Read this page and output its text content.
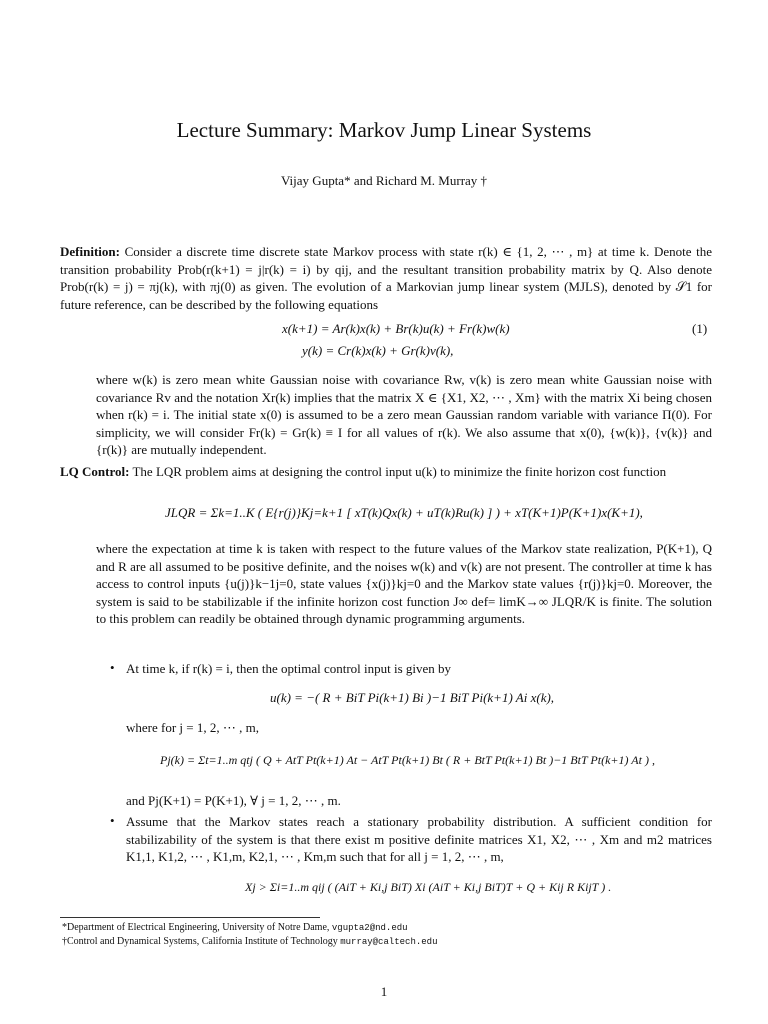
Lecture Summary: Markov Jump Linear Systems
Vijay Gupta* and Richard M. Murray †
Definition: Consider a discrete time discrete state Markov process with state r(k) ∈ {1, 2, ⋯ , m} at time k. Denote the transition probability Prob(r(k+1) = j|r(k) = i) by qij, and the resultant transition probability matrix by Q. Also denote Prob(r(k) = j) = πj(k), with πj(0) as given. The evolution of a Markovian jump linear system (MJLS), denoted by 𝒮1 for future reference, can be described by the following equations
x(k+1) = Ar(k)x(k) + Br(k)u(k) + Fr(k)w(k)
y(k) = Cr(k)x(k) + Gr(k)v(k),
(1)
where w(k) is zero mean white Gaussian noise with covariance Rw, v(k) is zero mean white Gaussian noise with covariance Rv and the notation Xr(k) implies that the matrix X ∈ {X1, X2, ⋯ , Xm} with the matrix Xi being chosen when r(k) = i. The initial state x(0) is assumed to be a zero mean Gaussian random variable with variance Π(0). For simplicity, we will consider Fr(k) = Gr(k) ≡ I for all values of r(k). We also assume that x(0), {w(k)}, {v(k)} and {r(k)} are mutually independent.
LQ Control: The LQR problem aims at designing the control input u(k) to minimize the finite horizon cost function
JLQR = Σk=1..K ( E{r(j)}Kj=k+1 [ xT(k)Qx(k) + uT(k)Ru(k) ] ) + xT(K+1)P(K+1)x(K+1),
where the expectation at time k is taken with respect to the future values of the Markov state realization, P(K+1), Q and R are all assumed to be positive definite, and the noises w(k) and v(k) are not present. The controller at time k has access to control inputs {u(j)}k−1j=0, state values {x(j)}kj=0 and the Markov state values {r(j)}kj=0. Moreover, the system is said to be stabilizable if the infinite horizon cost function J∞ def= limK→∞ JLQR/K is finite. The solution to this problem can readily be obtained through dynamic programming arguments.
• At time k, if r(k) = i, then the optimal control input is given by
u(k) = −( R + BiT Pi(k+1) Bi )−1 BiT Pi(k+1) Ai x(k),
where for j = 1, 2, ⋯ , m,
Pj(k) = Σt=1..m qtj ( Q + AtT Pt(k+1) At − AtT Pt(k+1) Bt ( R + BtT Pt(k+1) Bt )−1 BtT Pt(k+1) At ) ,
and Pj(K+1) = P(K+1), ∀ j = 1, 2, ⋯ , m.
• Assume that the Markov states reach a stationary probability distribution. A sufficient condition for stabilizability of the system is that there exist m positive definite matrices X1, X2, ⋯ , Xm and m2 matrices K1,1, K1,2, ⋯ , K1,m, K2,1, ⋯ , Km,m such that for all j = 1, 2, ⋯ , m,
Xj > Σi=1..m qij ( (AiT + Ki,j BiT) Xi (AiT + Ki,j BiT)T + Q + Kij R KijT ) .
*Department of Electrical Engineering, University of Notre Dame, vgupta2@nd.edu
†Control and Dynamical Systems, California Institute of Technology murray@caltech.edu
1
